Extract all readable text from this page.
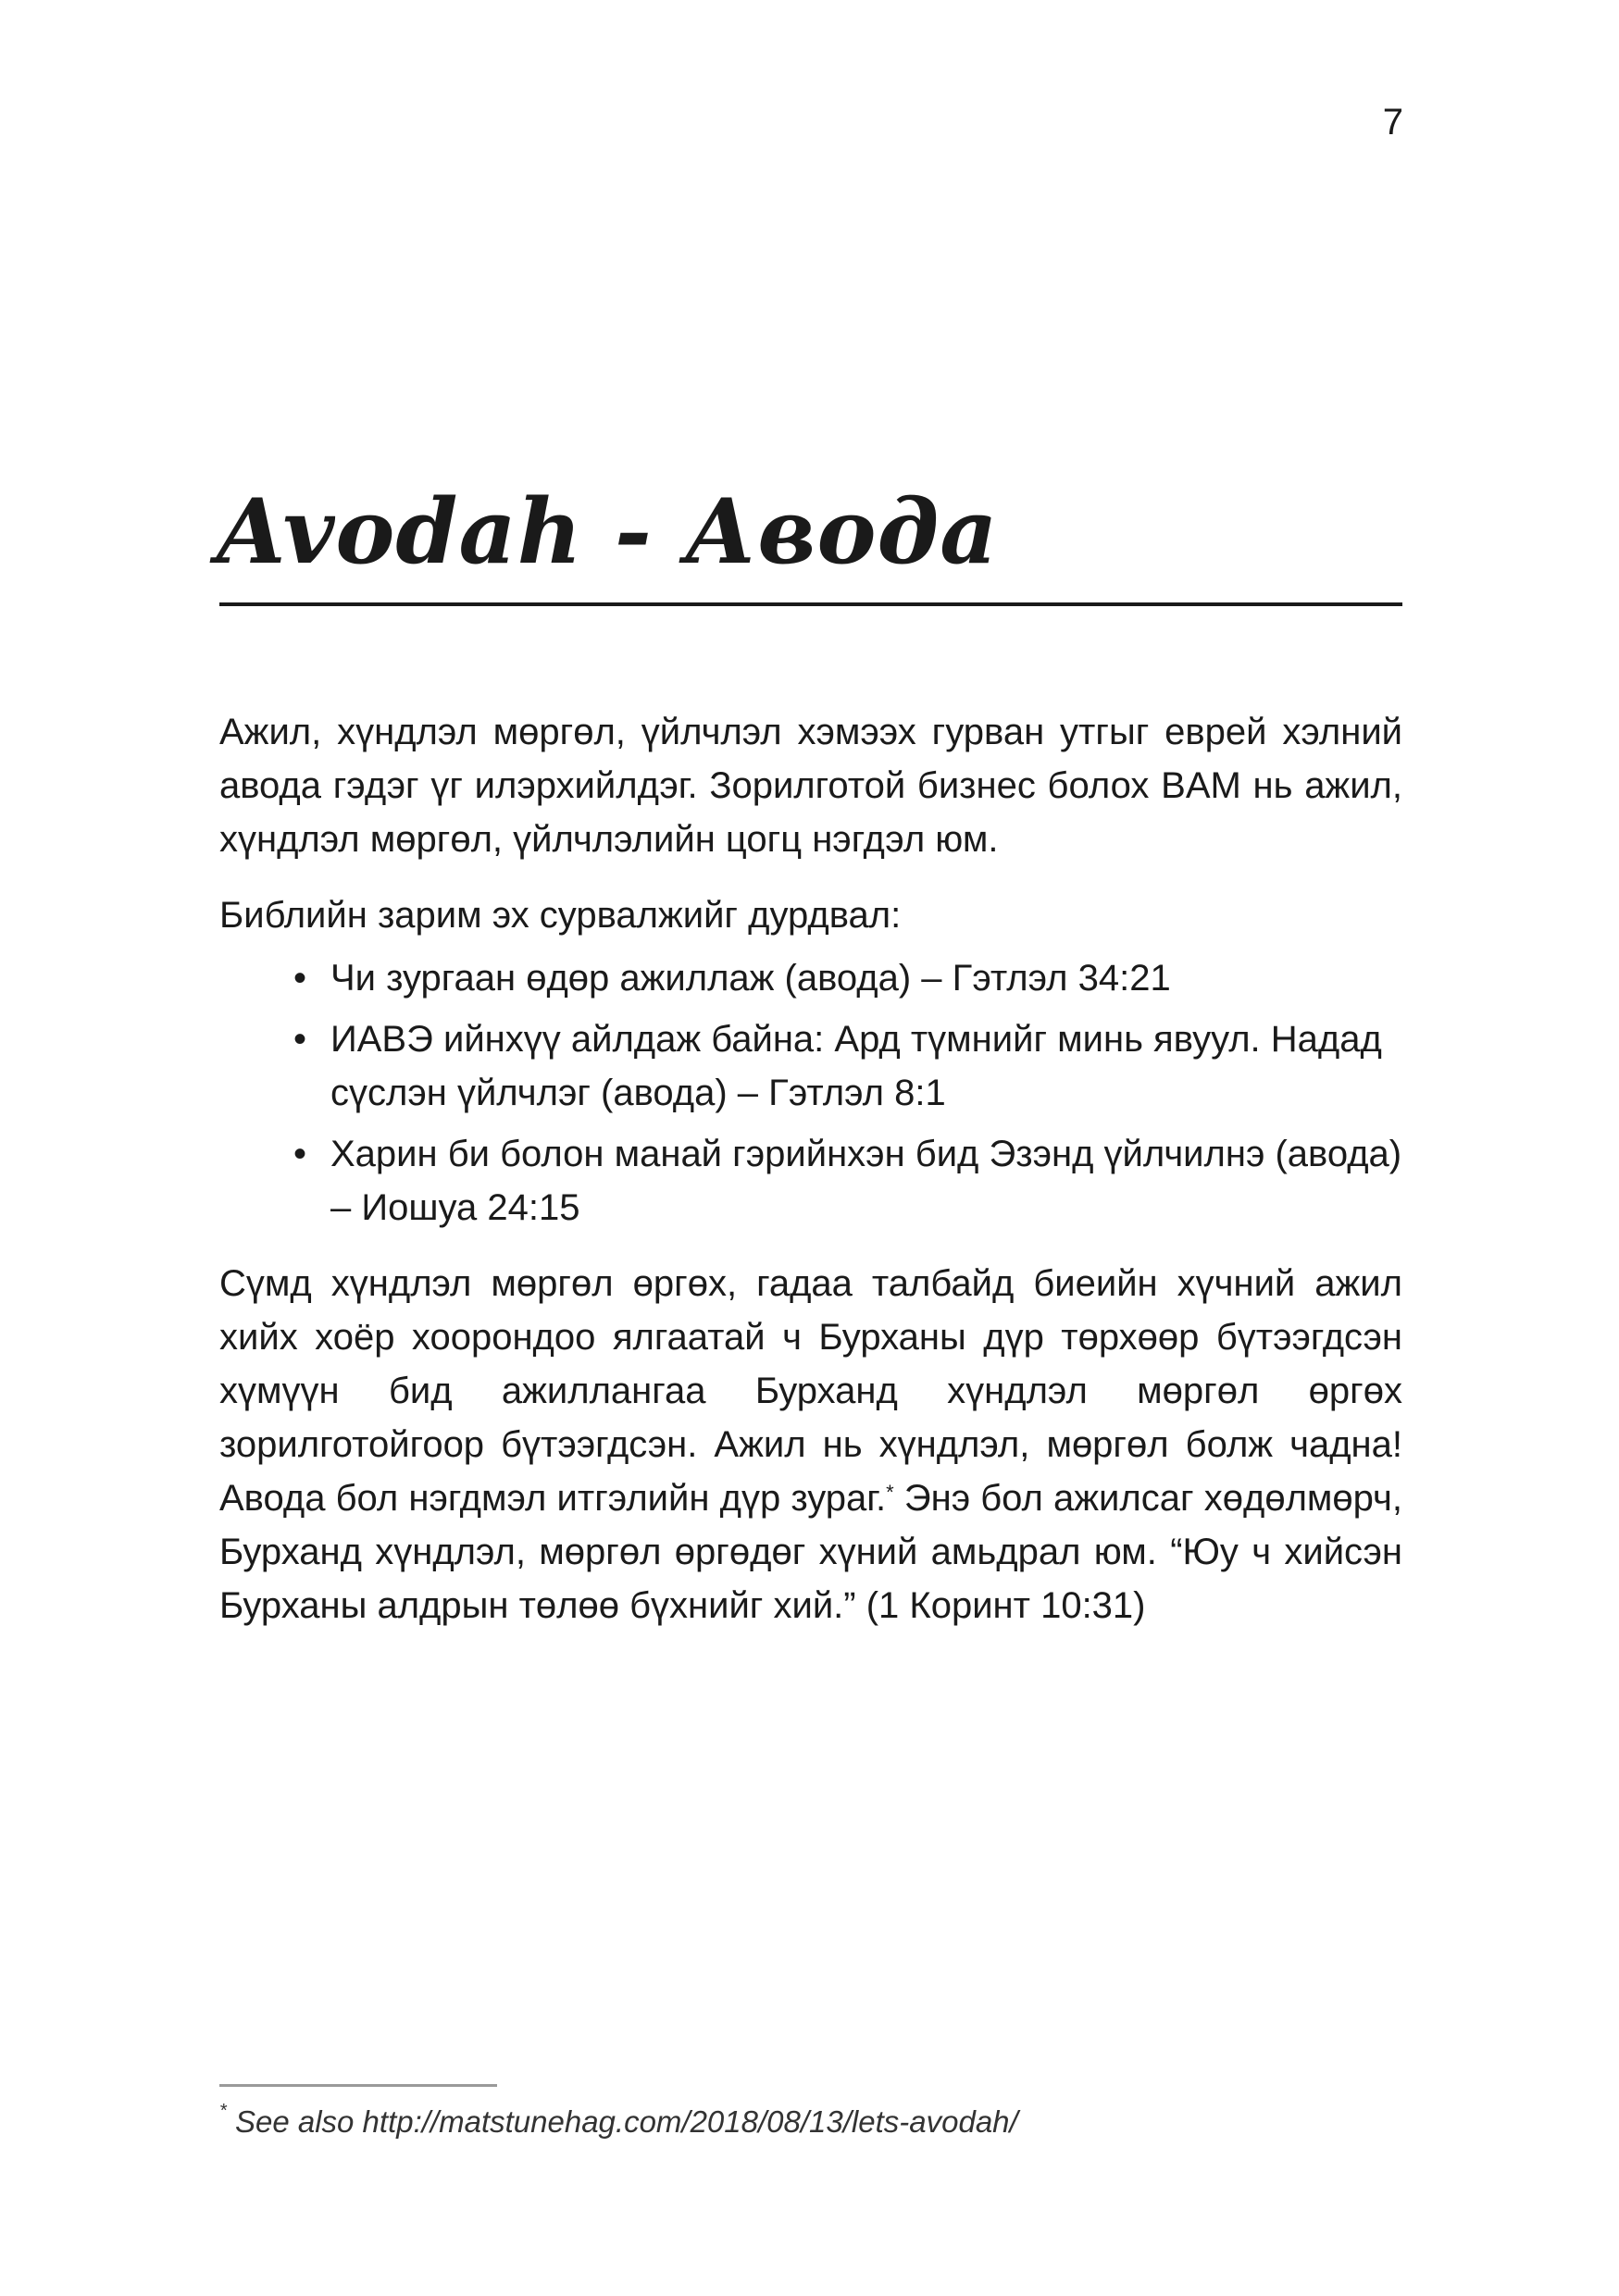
7
Avodah - Авода

Ажил, хүндлэл мөргөл, үйлчлэл хэмээх гурван утгыг еврей хэлний авода гэдэг үг илэрхийлдэг. Зорилготой бизнес болох BAM нь ажил, хүндлэл мөргөл, үйлчлэлийн цогц нэгдэл юм.

Библийн зарим эх сурвалжийг дурдвал:

• Чи зургаан өдөр ажиллаж (авода) – Гэтлэл 34:21
• ИАВЭ ийнхүү айлдаж байна: Ард түмнийг минь явуул. Надад сүслэн үйлчлэг (авода) – Гэтлэл 8:1
• Харин би болон манай гэрийнхэн бид Эзэнд үйлчилнэ (авода) – Иошуа 24:15

Сүмд хүндлэл мөргөл өргөх, гадаа талбайд биеийн хүчний ажил хийх хоёр хоорондоо ялгаатай ч Бурханы дүр төрхөөр бүтээгдсэн хүмүүн бид ажиллангаа Бурханд хүндлэл мөргөл өргөх зорилготойгоор бүтээгдсэн. Ажил нь хүндлэл, мөргөл болж чадна! Авода бол нэгдмэл итгэлийн дүр зураг.* Энэ бол ажилсаг хөдөлмөрч, Бурханд хүндлэл, мөргөл өргөдөг хүний амьдрал юм. “Юу ч хийсэн Бурханы алдрын төлөө бүхнийг хий.” (1 Коринт 10:31)

* See also http://matstunehag.com/2018/08/13/lets-avodah/
